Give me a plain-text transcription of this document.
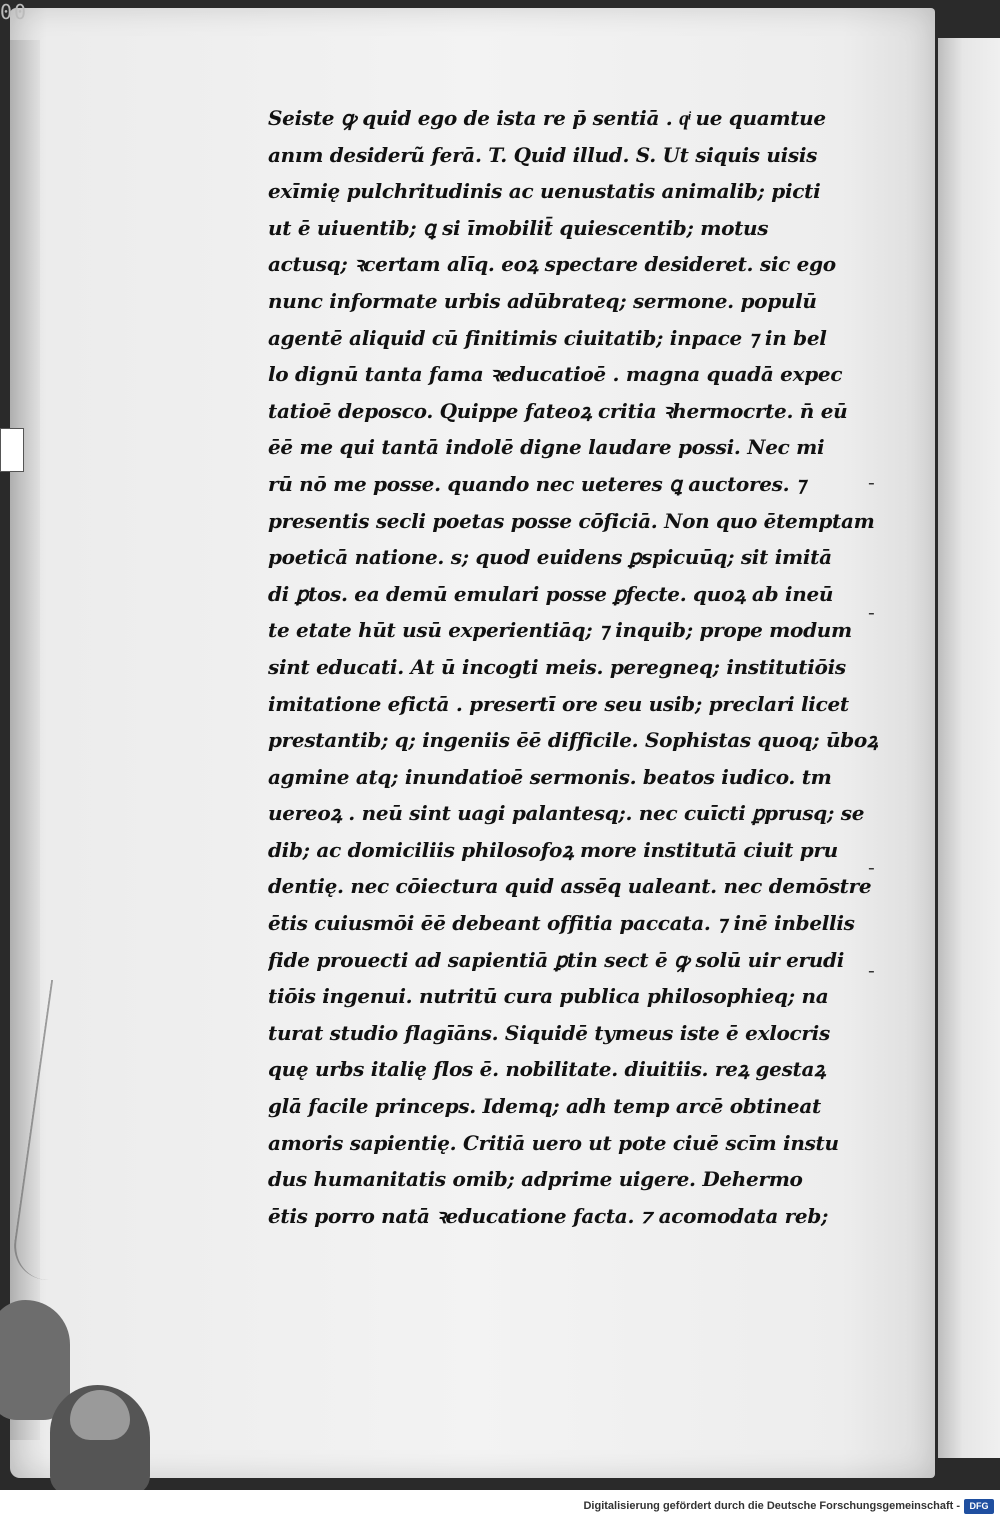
00
Seiste ꝙ quid ego de ista re p̄ sentiā . qͥ ue quamtue
anım desiderũ ferā. T. Quid illud. S. Ut siquis uisis
exīmię pulchritudinis ac uenustatis animalib; picti
ut ē uiuentib; ꝗ si īmobilit̄ quiescentib; motus
actusq; ꝛcertam alīq. eoꝝ spectare desideret. sic ego
nunc informate urbis adūbrateq; sermone. populū
agentē aliquid cū finitimis ciuitatib; inpace ⁊ in bel
lo dignū tanta fama ꝛeducatioē . magna quadā expec
tatioē deposco. Quippe fateoꝝ critia ꝛhermocrte. n̄ eū
ēē me qui tantā indolē digne laudare possi. Nec mi
rū nō me posse. quando nec ueteres ꝗ auctores. ⁊
presentis secli poetas posse cōficiā. Non quo ētemptam
poeticā natione. s; quod euidens ꝑspicuūq; sit imitā
di ꝑtos. ea demū emulari posse ꝑfecte. quoꝝ ab ineū
te etate hūt usū experientiāq; ⁊ inquib; prope modum
sint educati. At ū incogti meis. peregneq; institutiōis
imitatione efictā . presertī ore seu usib; preclari licet
prestantib; q; ingeniis ēē difficile. Sophistas quoq; ūboꝝ
agmine atq; inundatioē sermonis. beatos iudico. tm
uereoꝝ . neū sint uagi palantesq;. nec cuīcti ꝑprusq; se
dib; ac domiciliis philosofoꝝ more institutā ciuit pru
dentię. nec cōiectura quid assēq ualeant. nec demōstre
ētis cuiusmōi ēē debeant offitia paccata. ⁊ inē inbellis
fide prouecti ad sapientiā ꝑtin sect ē ꝙ solū uir erudi
tiōis ingenui. nutritū cura publica philosophieq; na
turat studio flagīāns. Siquidē tymeus iste ē exlocris
quę urbs italię flos ē. nobilitate. diuitiis. reꝝ gestaꝝ
glā facile princeps. Idemq; adh temp arcē obtineat
amoris sapientię. Critiā uero ut pote ciuē scīm instu
dus humanitatis omib; adprime uigere. Dehermo
ētis porro natā ꝛeducatione facta. ⁊ acomodata reb;
-
-
-
-
Digitalisierung gefördert durch die Deutsche Forschungsgemeinschaft -	DFG
